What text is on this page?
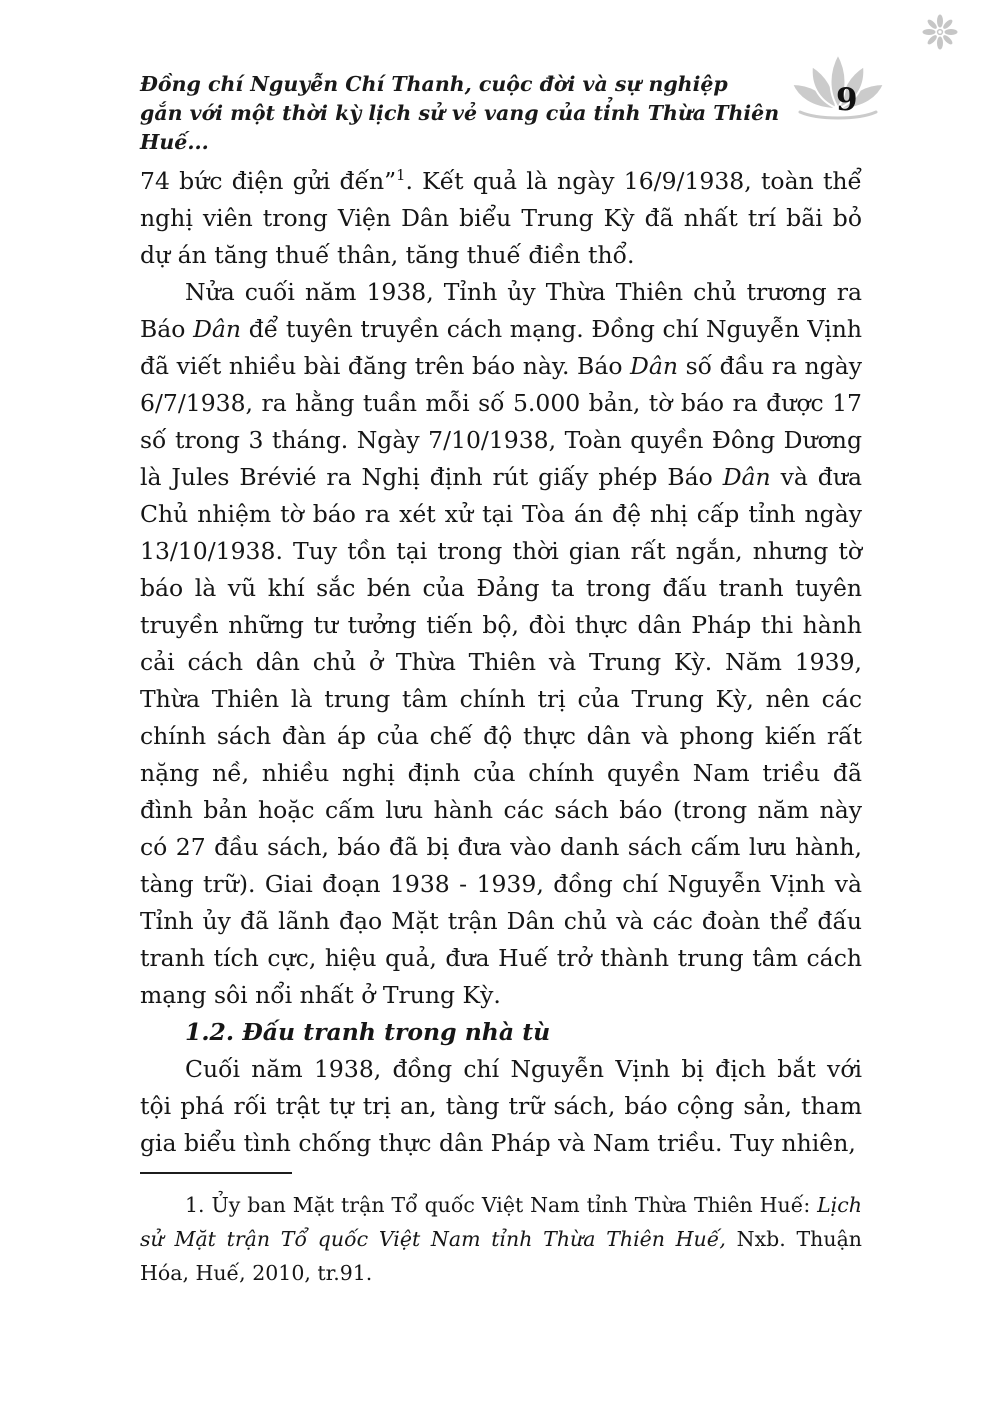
Đồng chí Nguyễn Chí Thanh, cuộc đời và sự nghiệp
gắn với một thời kỳ lịch sử vẻ vang của tỉnh Thừa Thiên Huế...
9

74 bức điện gửi đến”$^1$. Kết quả là ngày 16/9/1938, toàn thể nghị viên trong Viện Dân biểu Trung Kỳ đã nhất trí bãi bỏ dự án tăng thuế thân, tăng thuế điền thổ.

Nửa cuối năm 1938, Tỉnh ủy Thừa Thiên chủ trương ra Báo Dân để tuyên truyền cách mạng. Đồng chí Nguyễn Vịnh đã viết nhiều bài đăng trên báo này. Báo Dân số đầu ra ngày 6/7/1938, ra hằng tuần mỗi số 5.000 bản, tờ báo ra được 17 số trong 3 tháng. Ngày 7/10/1938, Toàn quyền Đông Dương là Jules Brévié ra Nghị định rút giấy phép Báo Dân và đưa Chủ nhiệm tờ báo ra xét xử tại Tòa án đệ nhị cấp tỉnh ngày 13/10/1938. Tuy tồn tại trong thời gian rất ngắn, nhưng tờ báo là vũ khí sắc bén của Đảng ta trong đấu tranh tuyên truyền những tư tưởng tiến bộ, đòi thực dân Pháp thi hành cải cách dân chủ ở Thừa Thiên và Trung Kỳ. Năm 1939, Thừa Thiên là trung tâm chính trị của Trung Kỳ, nên các chính sách đàn áp của chế độ thực dân và phong kiến rất nặng nề, nhiều nghị định của chính quyền Nam triều đã đình bản hoặc cấm lưu hành các sách báo (trong năm này có 27 đầu sách, báo đã bị đưa vào danh sách cấm lưu hành, tàng trữ). Giai đoạn 1938 - 1939, đồng chí Nguyễn Vịnh và Tỉnh ủy đã lãnh đạo Mặt trận Dân chủ và các đoàn thể đấu tranh tích cực, hiệu quả, đưa Huế trở thành trung tâm cách mạng sôi nổi nhất ở Trung Kỳ.

1.2. Đấu tranh trong nhà tù

Cuối năm 1938, đồng chí Nguyễn Vịnh bị địch bắt với tội phá rối trật tự trị an, tàng trữ sách, báo cộng sản, tham gia biểu tình chống thực dân Pháp và Nam triều. Tuy nhiên,

1. Ủy ban Mặt trận Tổ quốc Việt Nam tỉnh Thừa Thiên Huế: Lịch sử Mặt trận Tổ quốc Việt Nam tỉnh Thừa Thiên Huế, Nxb. Thuận Hóa, Huế, 2010, tr.91.
